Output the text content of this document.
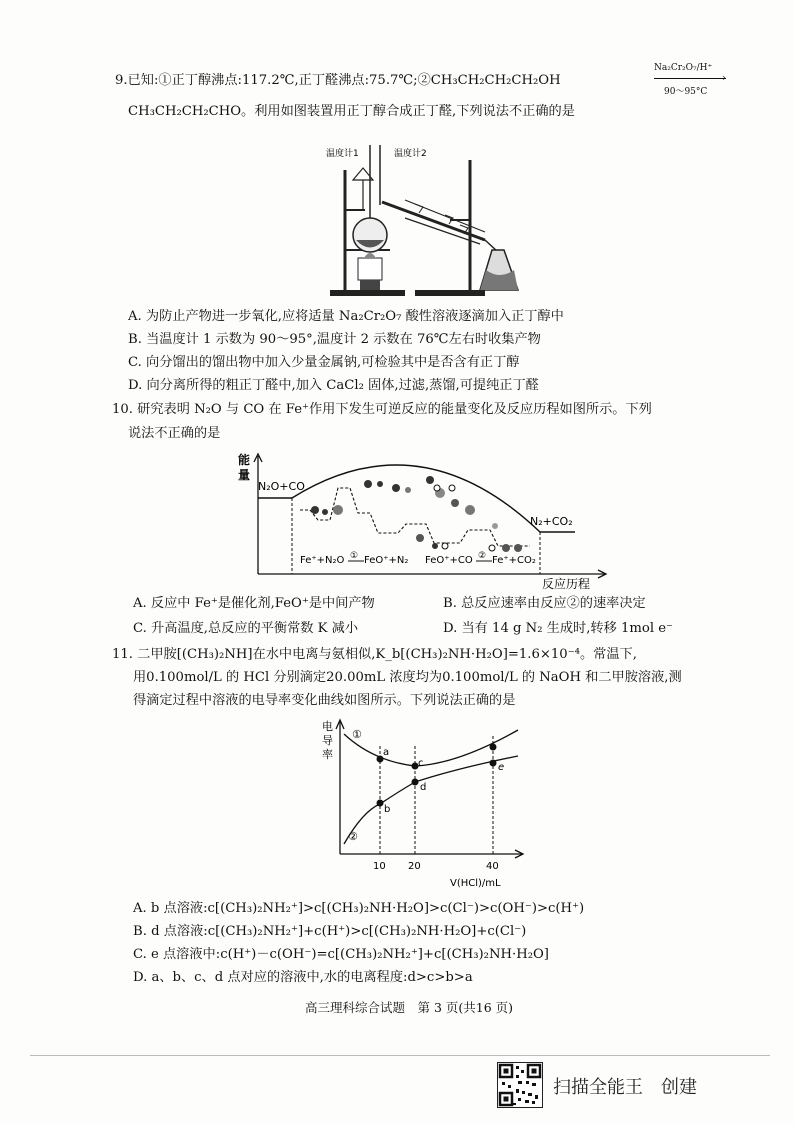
9.已知:①正丁醇沸点:117.2℃,正丁醛沸点:75.7℃;②CH₃CH₂CH₂CH₂OH
Na₂Cr₂O₇/H⁺
›
90～95°C
CH₃CH₂CH₂CHO。利用如图装置用正丁醇合成正丁醛,下列说法不正确的是
温度计1	温度计2
A. 为防止产物进一步氧化,应将适量 Na₂Cr₂O₇ 酸性溶液逐滴加入正丁醇中
B. 当温度计 1 示数为 90～95°,温度计 2 示数在 76℃左右时收集产物
C. 向分馏出的馏出物中加入少量金属钠,可检验其中是否含有正丁醇
D. 向分离所得的粗正丁醛中,加入 CaCl₂ 固体,过滤,蒸馏,可提纯正丁醛
10. 研究表明 N₂O 与 CO 在 Fe⁺作用下发生可逆反应的能量变化及反应历程如图所示。下列
说法不正确的是
能
量
N₂O+CO
N₂+CO₂
Fe⁺+N₂O ① FeO⁺+N₂ FeO⁺+CO ② Fe⁺+CO₂
反应历程
A. 反应中 Fe⁺是催化剂,FeO⁺是中间产物	B. 总反应速率由反应②的速率决定
C. 升高温度,总反应的平衡常数 K 减小	D. 当有 14 g N₂ 生成时,转移 1mol e⁻
11. 二甲胺[(CH₃)₂NH]在水中电离与氨相似,K_b[(CH₃)₂NH·H₂O]=1.6×10⁻⁴。常温下,
用0.100mol/L 的 HCl 分别滴定20.00mL 浓度均为0.100mol/L 的 NaOH 和二甲胺溶液,测
得滴定过程中溶液的电导率变化曲线如图所示。下列说法正确的是
电
导
率
①
②
a
b
c
d
e
10 20	40
V(HCl)/mL
A. b 点溶液:c[(CH₃)₂NH₂⁺]>c[(CH₃)₂NH·H₂O]>c(Cl⁻)>c(OH⁻)>c(H⁺)
B. d 点溶液:c[(CH₃)₂NH₂⁺]+c(H⁺)>c[(CH₃)₂NH·H₂O]+c(Cl⁻)
C. e 点溶液中:c(H⁺)－c(OH⁻)=c[(CH₃)₂NH₂⁺]+c[(CH₃)₂NH·H₂O]
D. a、b、c、d 点对应的溶液中,水的电离程度:d>c>b>a
高三理科综合试题　第 3 页(共16 页)
扫描全能王　创建
